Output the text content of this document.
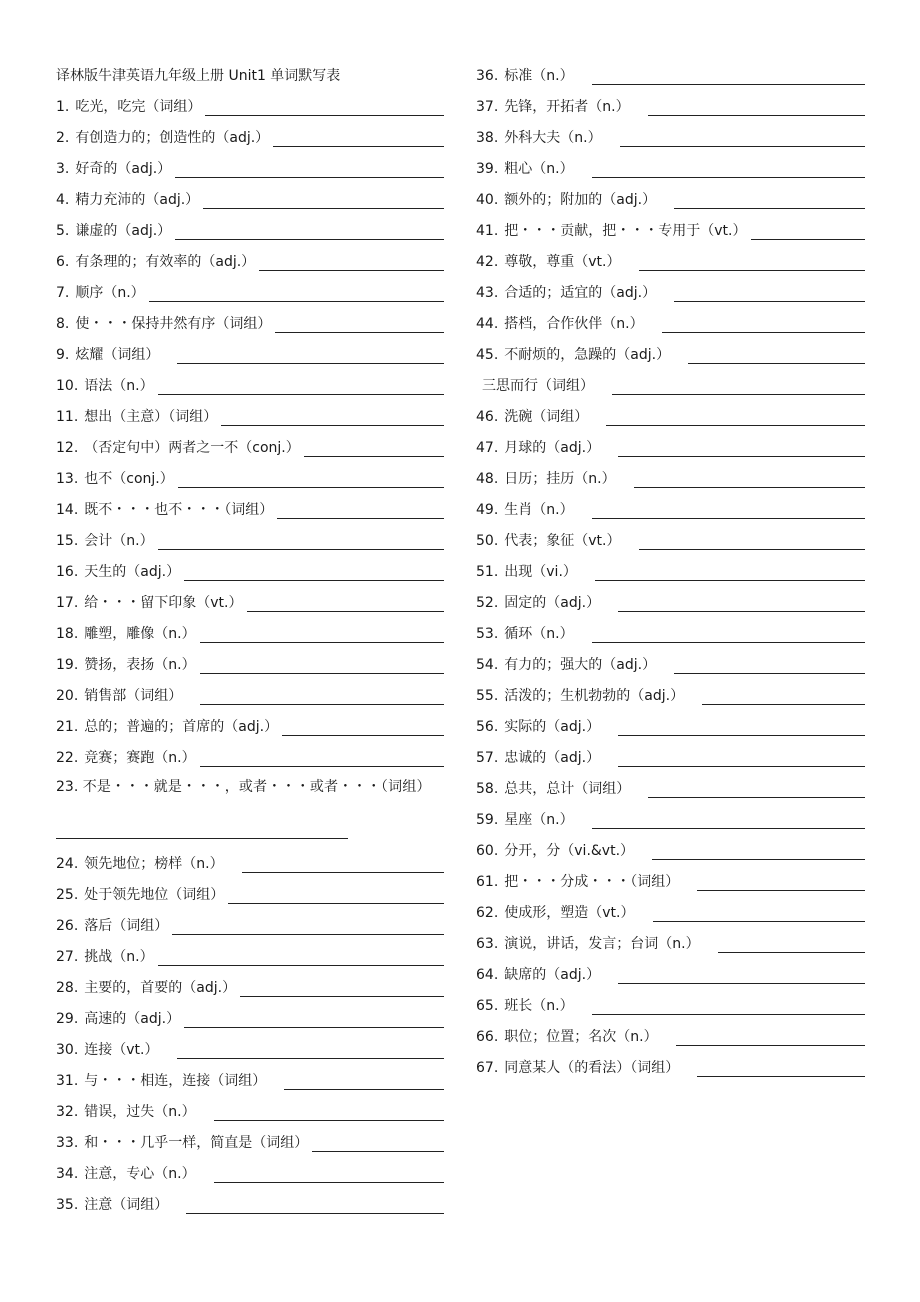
译林版牛津英语九年级上册 Unit1 单词默写表
1. 吃光，吃完（词组）
2. 有创造力的；创造性的（adj.）
3. 好奇的（adj.）
4. 精力充沛的（adj.）
5. 谦虚的（adj.）
6. 有条理的；有效率的（adj.）
7. 顺序（n.）
8. 使・・・保持井然有序（词组）
9. 炫耀（词组）
10. 语法（n.）
11. 想出（主意）（词组）
12. （否定句中）两者之一不（conj.）
13. 也不（conj.）
14. 既不・・・也不・・・（词组）
15. 会计（n.）
16. 天生的（adj.）
17. 给・・・留下印象（vt.）
18. 雕塑，雕像（n.）
19. 赞扬，表扬（n.）
20. 销售部（词组）
21. 总的；普遍的；首席的（adj.）
22. 竞赛；赛跑（n.）
23. 不是・・・就是・・・，或者・・・或者・・・（词组）
24. 领先地位；榜样（n.）
25. 处于领先地位（词组）
26. 落后（词组）
27. 挑战（n.）
28. 主要的，首要的（adj.）
29. 高速的（adj.）
30. 连接（vt.）
31. 与・・・相连，连接（词组）
32. 错误，过失（n.）
33. 和・・・几乎一样，简直是（词组）
34. 注意，专心（n.）
35. 注意（词组）
36. 标准（n.）
37. 先锋，开拓者（n.）
38. 外科大夫（n.）
39. 粗心（n.）
40. 额外的；附加的（adj.）
41. 把・・・贡献，把・・・专用于（vt.）
42. 尊敬，尊重（vt.）
43. 合适的；适宜的（adj.）
44. 搭档，合作伙伴（n.）
45. 不耐烦的，急躁的（adj.）
三思而行（词组）
46. 洗碗（词组）
47. 月球的（adj.）
48. 日历；挂历（n.）
49. 生肖（n.）
50. 代表；象征（vt.）
51. 出现（vi.）
52. 固定的（adj.）
53. 循环（n.）
54. 有力的；强大的（adj.）
55. 活泼的；生机勃勃的（adj.）
56. 实际的（adj.）
57. 忠诚的（adj.）
58. 总共，总计（词组）
59. 星座（n.）
60. 分开，分（vi.&vt.）
61. 把・・・分成・・・（词组）
62. 使成形，塑造（vt.）
63. 演说，讲话，发言；台词（n.）
64. 缺席的（adj.）
65. 班长（n.）
66. 职位；位置；名次（n.）
67. 同意某人（的看法）（词组）
